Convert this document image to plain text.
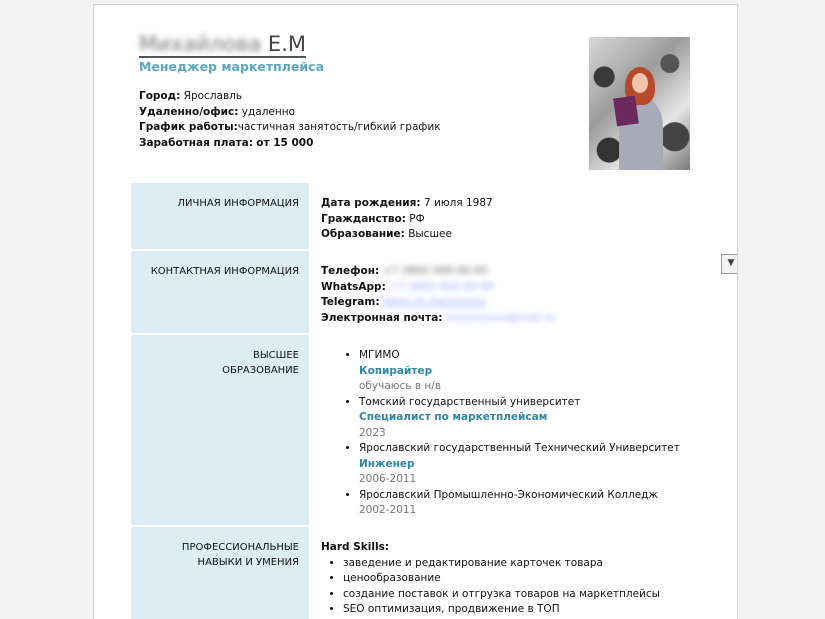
Михайлова Е.М
Менеджер маркетплейса
Город: Ярославль
Удаленно/офис: удаленно
График работы:частичная занятость/гибкий график
Заработная плата: от 15 000
ЛИЧНАЯ ИНФОРМАЦИЯ	Дата рождения: 7 июля 1987
Гражданство: РФ
Образование: Высшее
КОНТАКТНАЯ ИНФОРМАЦИЯ	Телефон: +7 (900) 000-00-00
WhatsApp: +7 (900) 000-00-00
Telegram: https://t.me/xxxxxx
Электронная почта: xxxxxxxxxx@mail.ru
▼
ВЫСШЕЕ
ОБРАЗОВАНИЕ
• МГИМО
Копирайтер
обучаюсь в н/в
• Томский государственный университет
Специалист по маркетплейсам
2023
• Ярославский государственный Технический Университет
Инженер
2006-2011
• Ярославский Промышленно-Экономический Колледж
2002-2011
ПРОФЕССИОНАЛЬНЫЕ
НАВЫКИ И УМЕНИЯ
Hard Skills:
• заведение и редактирование карточек товара
• ценообразование
• создание поставок и отгрузка товаров на маркетплейсы
• SEO оптимизация, продвижение в ТОП
